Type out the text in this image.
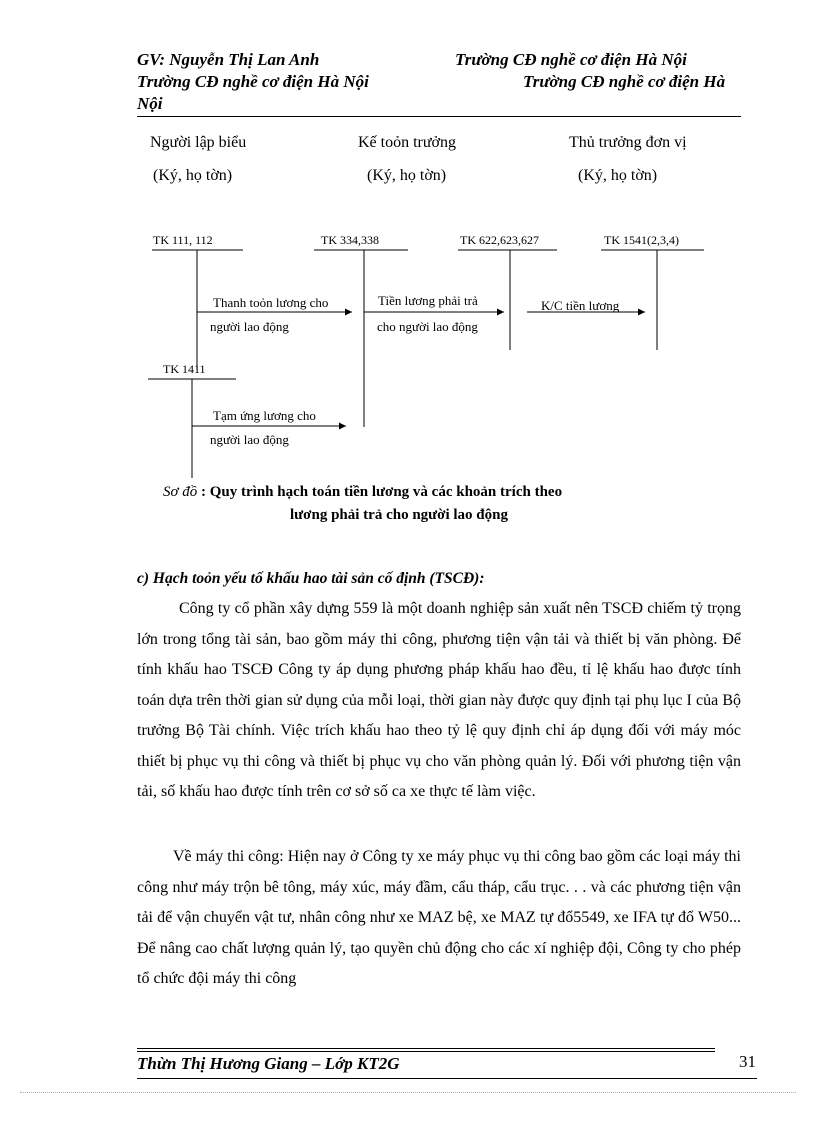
GV: Nguyễn Thị Lan Anh	Trường CĐ nghề cơ điện Hà Nội
Trường CĐ nghề cơ điện Hà Nội	Trường CĐ nghề cơ điện Hà
Nội
Người lập biểu
(Ký, họ tờn)
Kế toỏn trưởng
(Ký, họ tờn)
Thủ trưởng đơn vị
(Ký, họ tờn)
TK 111, 112	TK 334,338	TK 622,623,627	TK 1541(2,3,4)
TK 1411
Thanh toỏn lương cho
người lao động
Tiền lương phải trả
cho người lao động
K/C tiền lương
Tạm ứng lương cho
người lao động
Sơ đồ : Quy trình hạch toán tiền lương và các khoản trích theo
lương phải trả cho người lao động
c) Hạch toỏn yếu tố khấu hao tài sản cố định (TSCĐ):
Công ty cổ phần xây dựng 559 là một doanh nghiệp sản xuất nên TSCĐ chiếm tỷ trọng lớn trong tổng tài sản, bao gồm máy thi công, phương tiện vận tải và thiết bị văn phòng. Để tính khấu hao TSCĐ Công ty áp dụng phương pháp khấu hao đều, tỉ lệ khấu hao được tính toán dựa trên thời gian sử dụng của mỗi loại, thời gian này được quy định tại phụ lục I của Bộ trưởng Bộ Tài chính. Việc trích khấu hao theo tỷ lệ quy định chỉ áp dụng đối với máy móc thiết bị phục vụ thi công và thiết bị phục vụ cho văn phòng quản lý. Đối với phương tiện vận tải, số khấu hao được tính trên cơ sở số ca xe thực tế làm việc.
Về máy thi công: Hiện nay ở Công ty xe máy phục vụ thi công bao gồm các loại máy thi công như máy trộn bê tông, máy xúc, máy đầm, cẩu tháp, cẩu trục. . . và các phương tiện vận tải để vận chuyển vật tư, nhân công như xe MAZ bệ, xe MAZ tự đổ5549, xe IFA tự đổ W50... Để nâng cao chất lượng quản lý, tạo quyền chủ động cho các xí nghiệp đội, Công ty cho phép tổ chức đội máy thi công
Thừn Thị Hương Giang – Lớp KT2G	31
